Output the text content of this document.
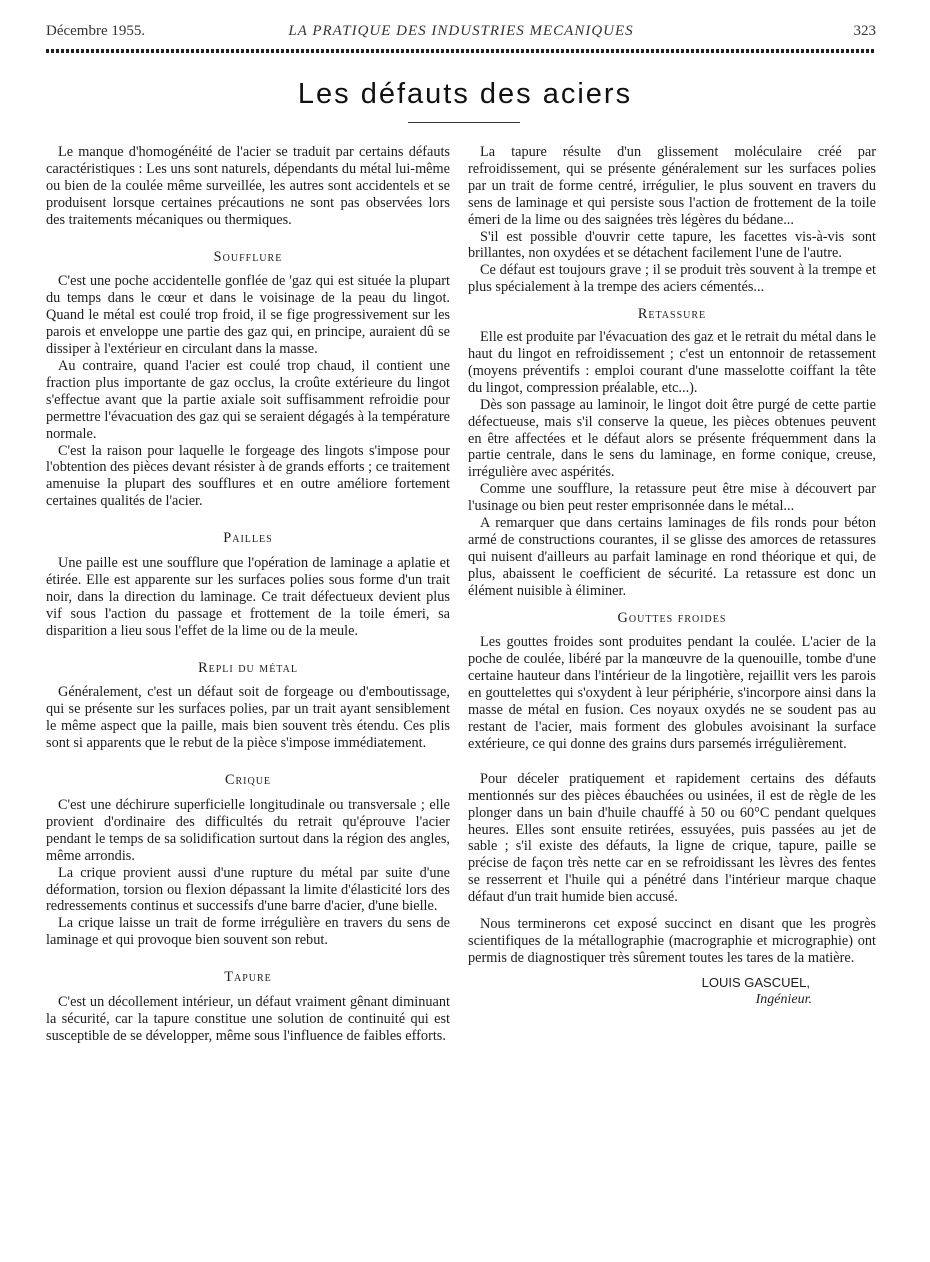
Décembre 1955.	LA PRATIQUE DES INDUSTRIES MECANIQUES	323
Les défauts des aciers

Le manque d'homogénéité de l'acier se traduit par certains défauts caractéristiques : Les uns sont naturels, dépendants du métal lui-même ou bien de la coulée même surveillée, les autres sont accidentels et se produisent lorsque certaines précautions ne sont pas observées lors des traitements mécaniques ou thermiques.

Soufflure

C'est une poche accidentelle gonflée de 'gaz qui est située la plupart du temps dans le cœur et dans le voisinage de la peau du lingot. Quand le métal est coulé trop froid, il se fige progressivement sur les parois et enveloppe une partie des gaz qui, en principe, auraient dû se dissiper à l'extérieur en circulant dans la masse.

Au contraire, quand l'acier est coulé trop chaud, il contient une fraction plus importante de gaz occlus, la croûte extérieure du lingot s'effectue avant que la partie axiale soit suffisamment refroidie pour permettre l'évacuation des gaz qui se seraient dégagés à la température normale.

C'est la raison pour laquelle le forgeage des lingots s'impose pour l'obtention des pièces devant résister à de grands efforts ; ce traitement amenuise la plupart des soufflures et en outre améliore fortement certaines qualités de l'acier.

Pailles

Une paille est une soufflure que l'opération de laminage a aplatie et étirée. Elle est apparente sur les surfaces polies sous forme d'un trait noir, dans la direction du laminage. Ce trait défectueux devient plus vif sous l'action du passage et frottement de la toile émeri, sa disparition a lieu sous l'effet de la lime ou de la meule.

Repli du métal

Généralement, c'est un défaut soit de forgeage ou d'emboutissage, qui se présente sur les surfaces polies, par un trait ayant sensiblement le même aspect que la paille, mais bien souvent très étendu. Ces plis sont si apparents que le rebut de la pièce s'impose immédiatement.

Crique

C'est une déchirure superficielle longitudinale ou transversale ; elle provient d'ordinaire des difficultés du retrait qu'éprouve l'acier pendant le temps de sa solidification surtout dans la région des angles, même arrondis.

La crique provient aussi d'une rupture du métal par suite d'une déformation, torsion ou flexion dépassant la limite d'élasticité lors des redressements continus et successifs d'une barre d'acier, d'une bielle.

La crique laisse un trait de forme irrégulière en travers du sens de laminage et qui provoque bien souvent son rebut.

Tapure

C'est un décollement intérieur, un défaut vraiment gênant diminuant la sécurité, car la tapure constitue une solution de continuité qui est susceptible de se développer, même sous l'influence de faibles efforts.

La tapure résulte d'un glissement moléculaire créé par refroidissement, qui se présente généralement sur les surfaces polies par un trait de forme centré, irrégulier, le plus souvent en travers du sens de laminage et qui persiste sous l'action de frottement de la toile émeri de la lime ou des saignées très légères du bédane...

S'il est possible d'ouvrir cette tapure, les facettes vis-à-vis sont brillantes, non oxydées et se détachent facilement l'une de l'autre.

Ce défaut est toujours grave ; il se produit très souvent à la trempe et plus spécialement à la trempe des aciers cémentés...

Retassure

Elle est produite par l'évacuation des gaz et le retrait du métal dans le haut du lingot en refroidissement ; c'est un entonnoir de retassement (moyens préventifs : emploi courant d'une masselotte coiffant la tête du lingot, compression préalable, etc...).

Dès son passage au laminoir, le lingot doit être purgé de cette partie défectueuse, mais s'il conserve la queue, les pièces obtenues peuvent en être affectées et le défaut alors se présente fréquemment dans la partie centrale, dans le sens du laminage, en forme conique, creuse, irrégulière avec aspérités.

Comme une soufflure, la retassure peut être mise à découvert par l'usinage ou bien peut rester emprisonnée dans le métal...

A remarquer que dans certains laminages de fils ronds pour béton armé de constructions courantes, il se glisse des amorces de retassures qui nuisent d'ailleurs au parfait laminage en rond théorique et qui, de plus, abaissent le coefficient de sécurité. La retassure est donc un élément nuisible à éliminer.

Gouttes froides

Les gouttes froides sont produites pendant la coulée. L'acier de la poche de coulée, libéré par la manœuvre de la quenouille, tombe d'une certaine hauteur dans l'intérieur de la lingotière, rejaillit vers les parois en gouttelettes qui s'oxydent à leur périphérie, s'incorpore ainsi dans la masse de métal en fusion. Ces noyaux oxydés ne se soudent pas au restant de l'acier, mais forment des globules avoisinant la surface extérieure, ce qui donne des grains durs parsemés irrégulièrement.

Pour déceler pratiquement et rapidement certains des défauts mentionnés sur des pièces ébauchées ou usinées, il est de règle de les plonger dans un bain d'huile chauffé à 50 ou 60°C pendant quelques heures. Elles sont ensuite retirées, essuyées, puis passées au jet de sable ; s'il existe des défauts, la ligne de crique, tapure, paille se précise de façon très nette car en se refroidissant les lèvres des fentes se resserrent et l'huile qui a pénétré dans l'intérieur marque chaque défaut d'un trait humide bien accusé.

Nous terminerons cet exposé succinct en disant que les progrès scientifiques de la métallographie (macrographie et micrographie) ont permis de diagnostiquer très sûrement toutes les tares de la matière.

LOUIS GASCUEL,
Ingénieur.
